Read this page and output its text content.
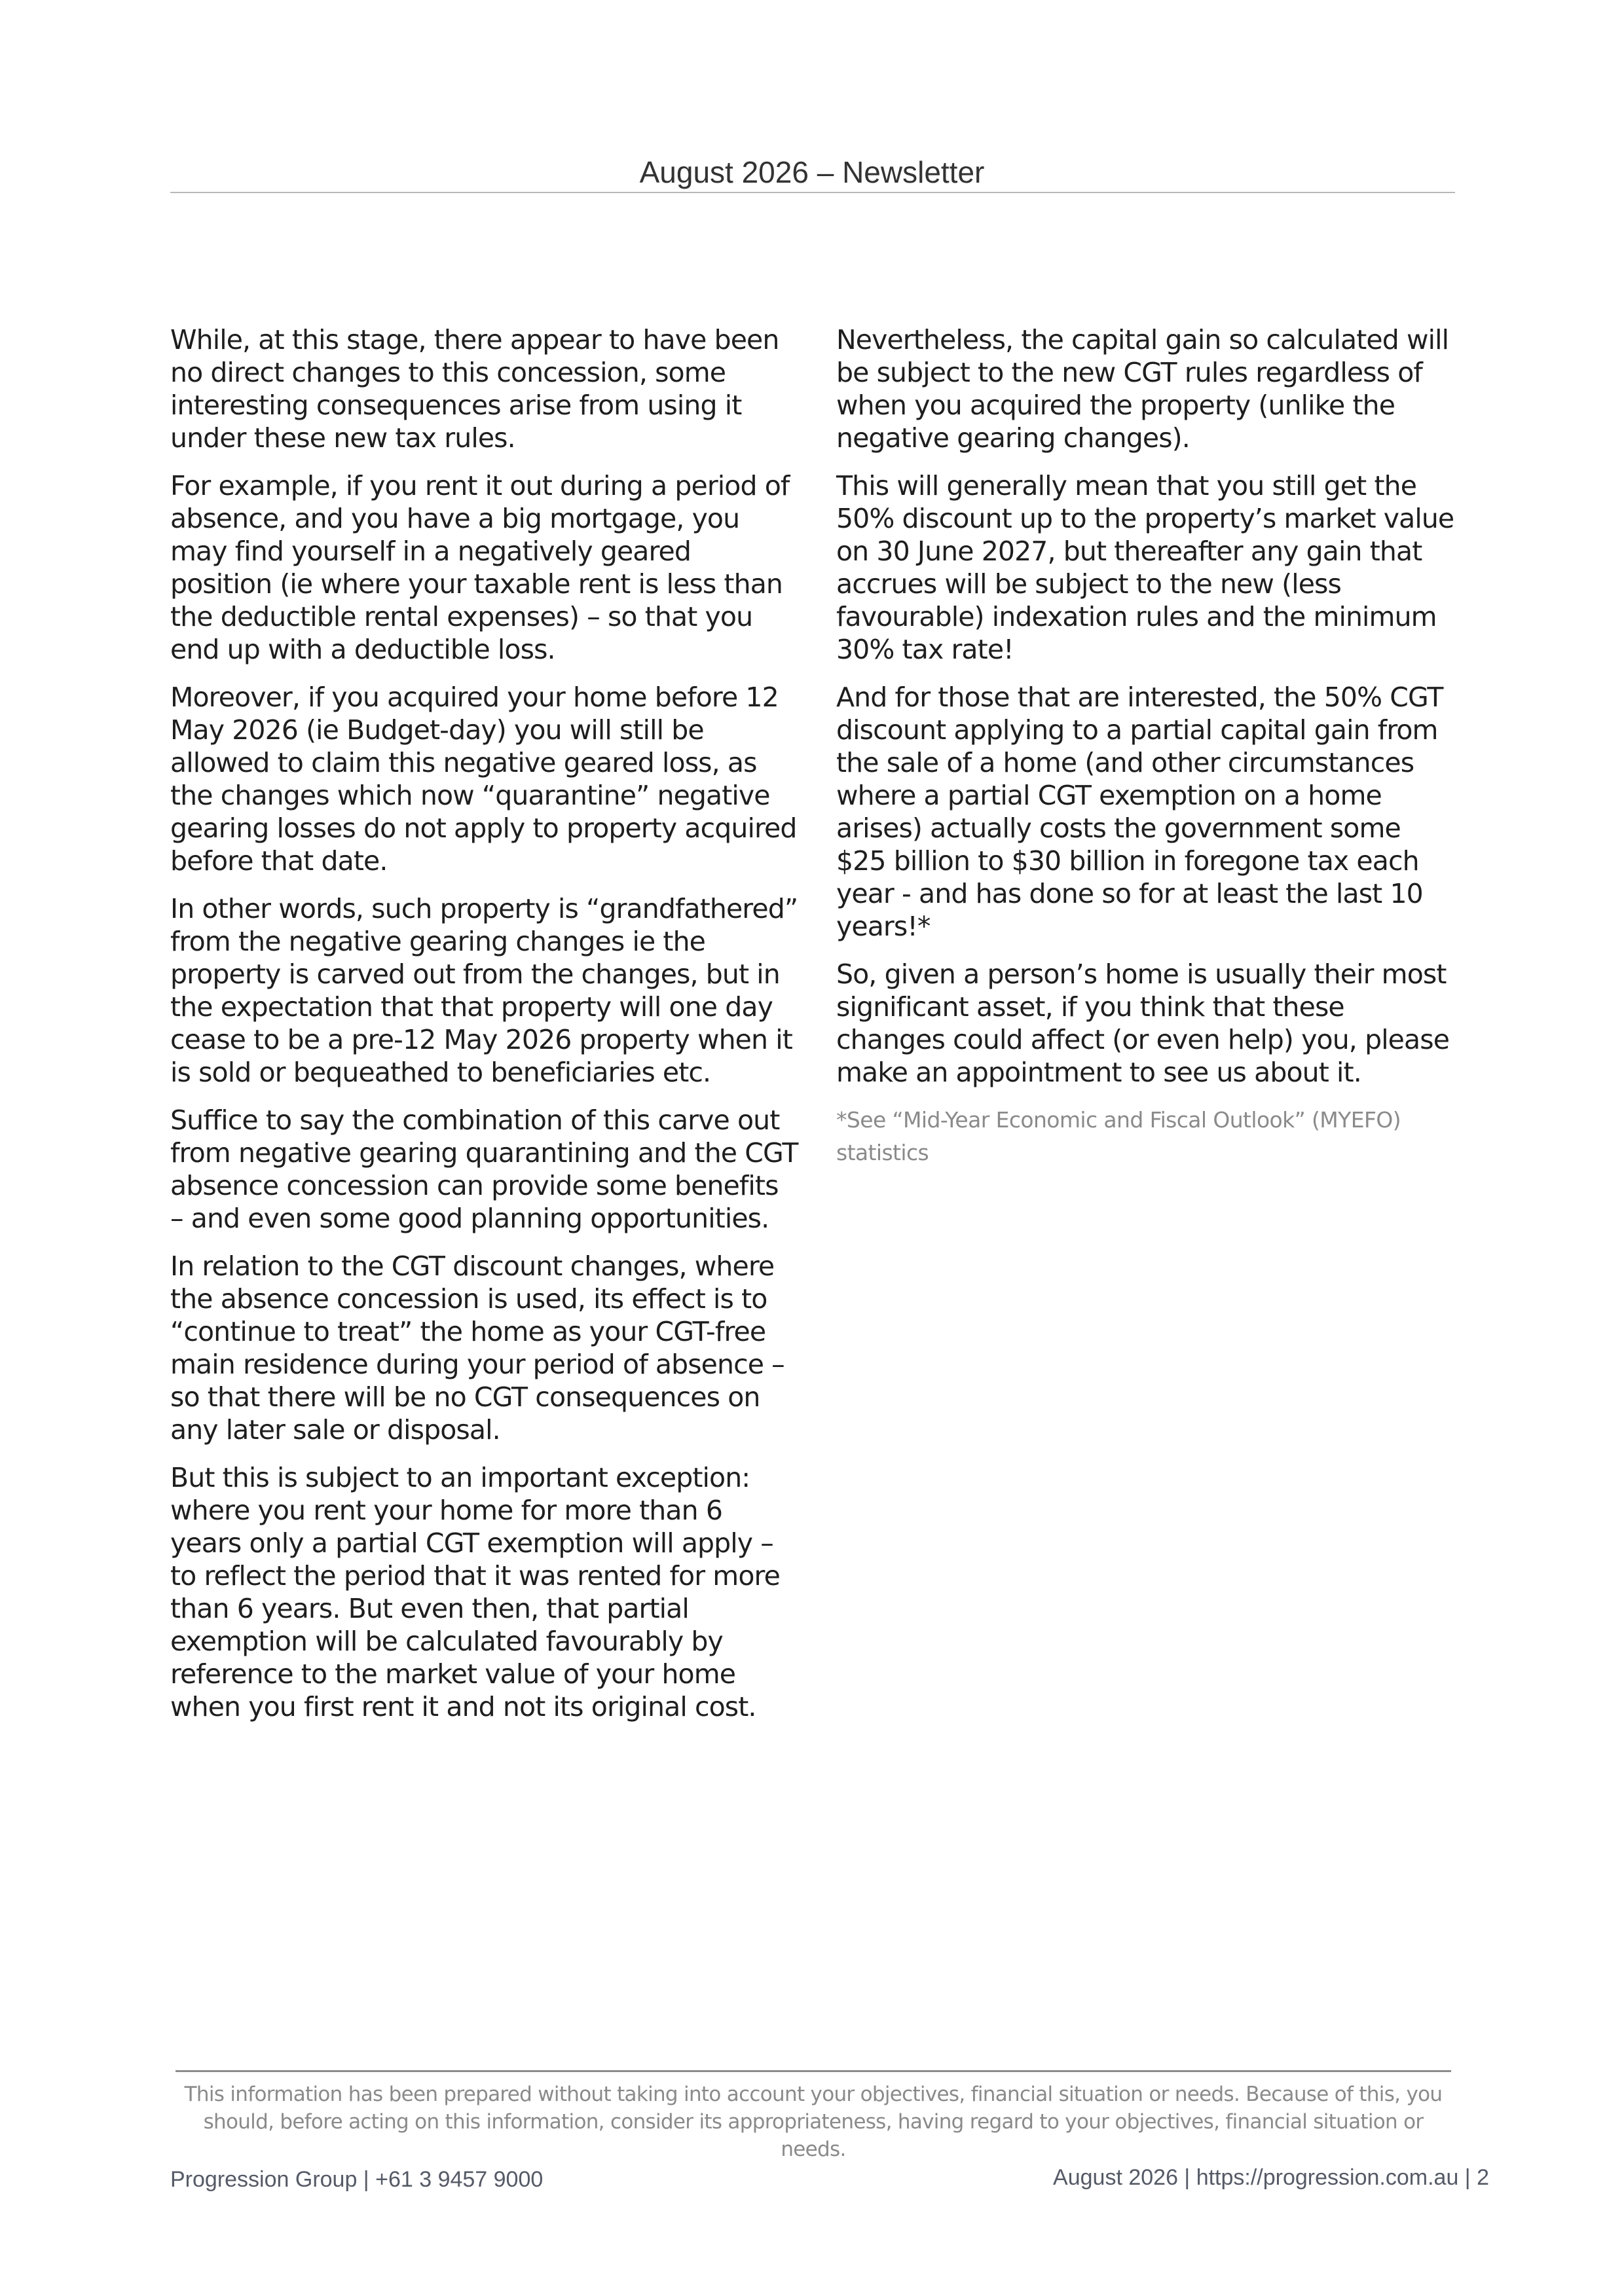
August 2026 – Newsletter

While, at this stage, there appear to have been no direct changes to this concession, some interesting consequences arise from using it under these new tax rules.

For example, if you rent it out during a period of absence, and you have a big mortgage, you may find yourself in a negatively geared position (ie where your taxable rent is less than the deductible rental expenses) – so that you end up with a deductible loss.

Moreover, if you acquired your home before 12 May 2026 (ie Budget-day) you will still be allowed to claim this negative geared loss, as the changes which now “quarantine” negative gearing losses do not apply to property acquired before that date.

In other words, such property is “grandfathered” from the negative gearing changes ie the property is carved out from the changes, but in the expectation that that property will one day cease to be a pre-12 May 2026 property when it is sold or bequeathed to beneficiaries etc.

Suffice to say the combination of this carve out from negative gearing quarantining and the CGT absence concession can provide some benefits – and even some good planning opportunities.

In relation to the CGT discount changes, where the absence concession is used, its effect is to “continue to treat” the home as your CGT-free main residence during your period of absence – so that there will be no CGT consequences on any later sale or disposal.

But this is subject to an important exception: where you rent your home for more than 6 years only a partial CGT exemption will apply – to reflect the period that it was rented for more than 6 years. But even then, that partial exemption will be calculated favourably by reference to the market value of your home when you first rent it and not its original cost.

Nevertheless, the capital gain so calculated will be subject to the new CGT rules regardless of when you acquired the property (unlike the negative gearing changes).

This will generally mean that you still get the 50% discount up to the property’s market value on 30 June 2027, but thereafter any gain that accrues will be subject to the new (less favourable) indexation rules and the minimum 30% tax rate!

And for those that are interested, the 50% CGT discount applying to a partial capital gain from the sale of a home (and other circumstances where a partial CGT exemption on a home arises) actually costs the government some $25 billion to $30 billion in foregone tax each year - and has done so for at least the last 10 years!*

So, given a person’s home is usually their most significant asset, if you think that these changes could affect (or even help) you, please make an appointment to see us about it.

*See “Mid-Year Economic and Fiscal Outlook” (MYEFO) statistics

This information has been prepared without taking into account your objectives, financial situation or needs. Because of this, you should, before acting on this information, consider its appropriateness, having regard to your objectives, financial situation or needs.
Progression Group | +61 3 9457 9000	August 2026 | https://progression.com.au | 2
